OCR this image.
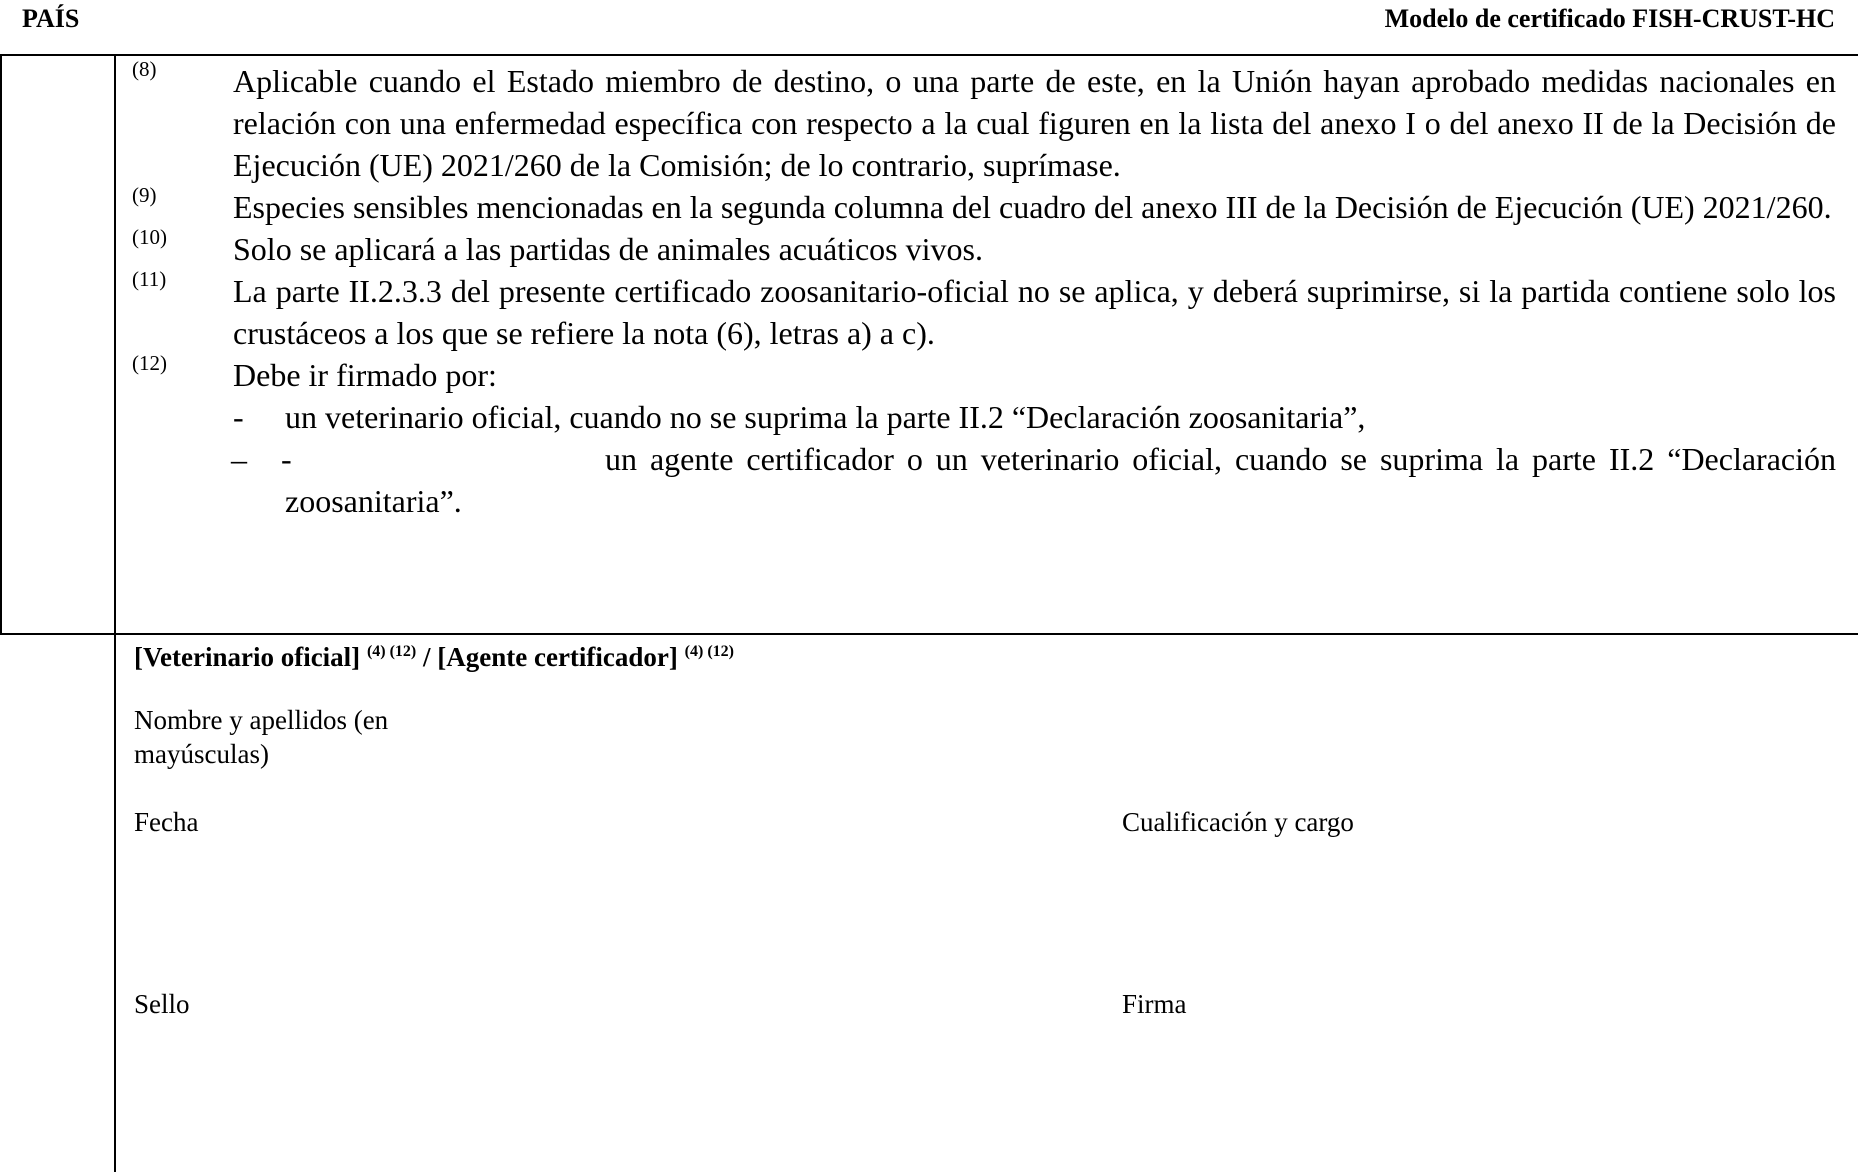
PAÍS	Modelo de certificado FISH-CRUST-HC
(8) Aplicable cuando el Estado miembro de destino, o una parte de este, en la Unión hayan aprobado medidas nacionales en relación con una enfermedad específica con respecto a la cual figuren en la lista del anexo I o del anexo II de la Decisión de Ejecución (UE) 2021/260 de la Comisión; de lo contrario, suprímase.
(9) Especies sensibles mencionadas en la segunda columna del cuadro del anexo III de la Decisión de Ejecución (UE) 2021/260.
(10) Solo se aplicará a las partidas de animales acuáticos vivos.
(11) La parte II.2.3.3 del presente certificado zoosanitario-oficial no se aplica, y deberá suprimirse, si la partida contiene solo los crustáceos a los que se refiere la nota (6), letras a) a c).
(12) Debe ir firmado por:
- un veterinario oficial, cuando no se suprima la parte II.2 “Declaración zoosanitaria”,
– -	un agente certificador o un veterinario oficial, cuando se suprima la parte II.2 “Declaración zoosanitaria”.
[Veterinario oficial] $^{(4) (12)}$ / [Agente certificador] $^{(4) (12)}$
Nombre y apellidos (en mayúsculas)
Fecha	Cualificación y cargo
Sello	Firma
